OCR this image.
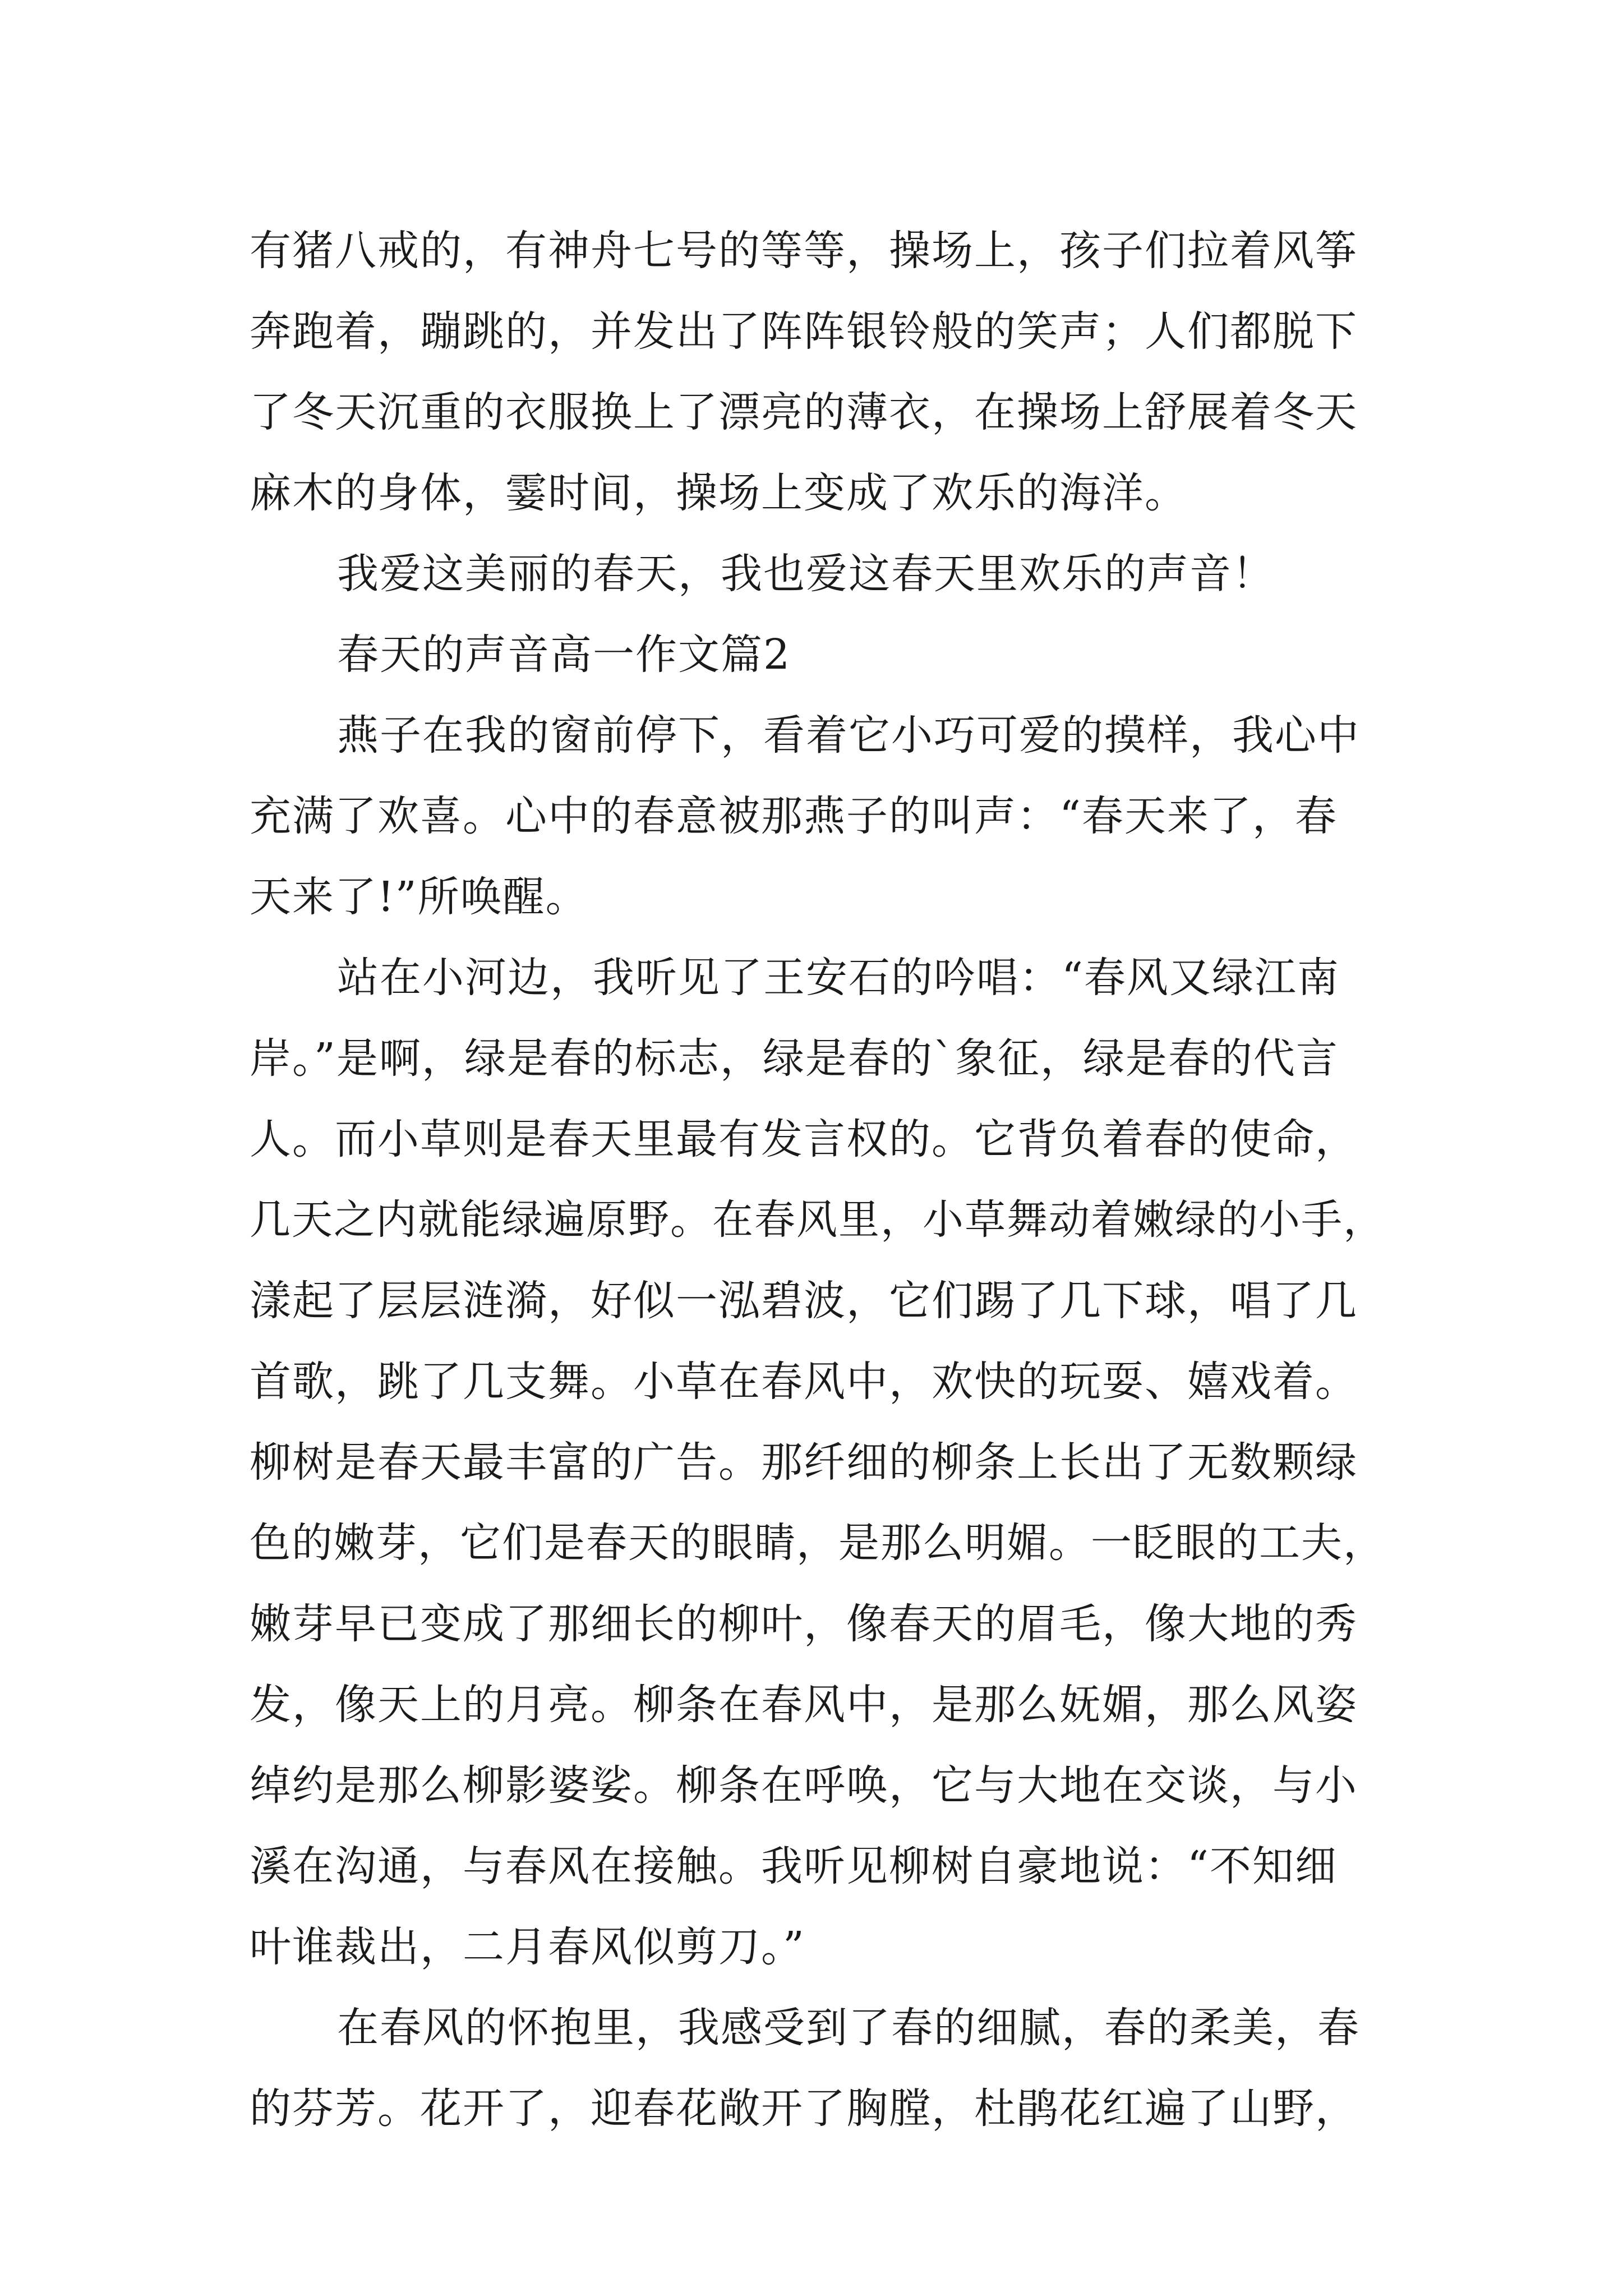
有猪八戒的，有神舟七号的等等，操场上，孩子们拉着风筝
奔跑着，蹦跳的，并发出了阵阵银铃般的笑声；人们都脱下
了冬天沉重的衣服换上了漂亮的薄衣，在操场上舒展着冬天
麻木的身体，霎时间，操场上变成了欢乐的海洋。
我爱这美丽的春天，我也爱这春天里欢乐的声音！
春天的声音高一作文篇2
燕子在我的窗前停下，看着它小巧可爱的摸样，我心中
充满了欢喜。心中的春意被那燕子的叫声：“春天来了，春
天来了!”所唤醒。
站在小河边，我听见了王安石的吟唱：“春风又绿江南
岸。”是啊，绿是春的标志，绿是春的`象征，绿是春的代言
人。而小草则是春天里最有发言权的。它背负着春的使命，
几天之内就能绿遍原野。在春风里，小草舞动着嫩绿的小手，
漾起了层层涟漪，好似一泓碧波，它们踢了几下球，唱了几
首歌，跳了几支舞。小草在春风中，欢快的玩耍、嬉戏着。
柳树是春天最丰富的广告。那纤细的柳条上长出了无数颗绿
色的嫩芽，它们是春天的眼睛，是那么明媚。一眨眼的工夫，
嫩芽早已变成了那细长的柳叶，像春天的眉毛，像大地的秀
发，像天上的月亮。柳条在春风中，是那么妩媚，那么风姿
绰约是那么柳影婆娑。柳条在呼唤，它与大地在交谈，与小
溪在沟通，与春风在接触。我听见柳树自豪地说：“不知细
叶谁裁出，二月春风似剪刀。”
在春风的怀抱里，我感受到了春的细腻，春的柔美，春
的芬芳。花开了，迎春花敞开了胸膛，杜鹃花红遍了山野，
